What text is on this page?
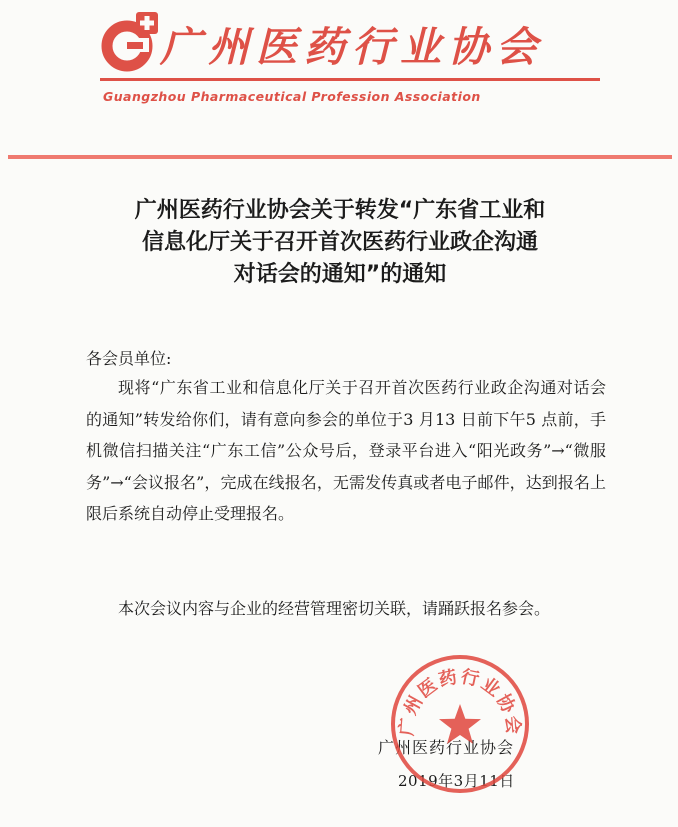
广州医药行业协会
Guangzhou Pharmaceutical Profession Association
广州医药行业协会关于转发“广东省工业和
信息化厅关于召开首次医药行业政企沟通
对话会的通知”的通知
各会员单位:
现将“广东省工业和信息化厅关于召开首次医药行业政企沟通对话会的通知”转发给你们，请有意向参会的单位于3 月13 日前下午5 点前，手机微信扫描关注“广东工信”公众号后，登录平台进入“阳光政务”→“微服务”→“会议报名”，完成在线报名，无需发传真或者电子邮件，达到报名上限后系统自动停止受理报名。
本次会议内容与企业的经营管理密切关联，请踊跃报名参会。
广州医药行业协会
2019年3月11日
广州医药行业协会
